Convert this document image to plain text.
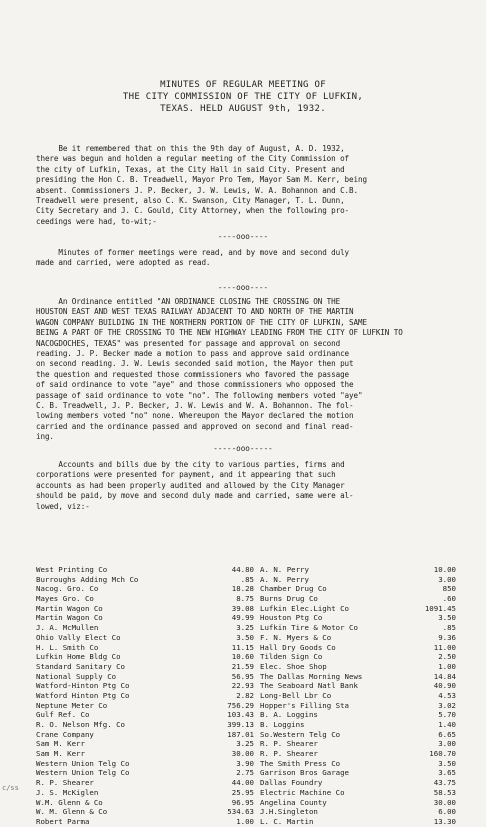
MINUTES OF REGULAR MEETING OF
THE CITY COMMISSION OF THE CITY OF LUFKIN,
TEXAS. HELD AUGUST 9th, 1932.
Be it remembered that on this the 9th day of August, A. D. 1932,
there was begun and holden a regular meeting of the City Commission of
the city of Lufkin, Texas, at the City Hall in said City. Present and
presiding the Hon C. B. Treadwell, Mayor Pro Tem, Mayor Sam M. Kerr, being
absent. Commissioners J. P. Becker, J. W. Lewis, W. A. Bohannon and C.B.
Treadwell were present, also C. K. Swanson, City Manager, T. L. Dunn,
City Secretary and J. C. Gould, City Attorney, when the following pro-
ceedings were had, to-wit;-
----ooo----
Minutes of former meetings were read, and by move and second duly
made and carried, were adopted as read.
----ooo----
An Ordinance entitled "AN ORDINANCE CLOSING THE CROSSING ON THE
HOUSTON EAST AND WEST TEXAS RAILWAY ADJACENT TO AND NORTH OF THE MARTIN
WAGON COMPANY BUILDING IN THE NORTHERN PORTION OF THE CITY OF LUFKIN, SAME
BEING A PART OF THE CROSSING TO THE NEW HIGHWAY LEADING FROM THE CITY OF LUFKIN TO
NACOGDOCHES, TEXAS" was presented for passage and approval on second
reading. J. P. Becker made a motion to pass and approve said ordinance
on second reading. J. W. Lewis seconded said motion, the Mayor then put
the question and requested those commissioners who favored the passage
of said ordinance to vote "aye" and those commissioners who opposed the
passage of said ordinance to vote "no". The following members voted "aye"
C. B. Treadwell, J. P. Becker, J. W. Lewis and W. A. Bohannon. The fol-
lowing members voted "no" none. Whereupon the Mayor declared the motion
carried and the ordinance passed and approved on second and final read-
ing.
-----ooo-----
Accounts and bills due by the city to various parties, firms and
corporations were presented for payment, and it appearing that such
accounts as had been properly audited and allowed by the City Manager
should be paid, by move and second duly made and carried, same were al-
lowed, viz:-
West Printing Co	44.80
Burroughs Adding Mch Co	.85
Nacog. Gro. Co	18.28
Mayes Gro. Co	8.75
Martin Wagon Co	39.08
Martin Wagon Co	49.99
J. A. McMullen	3.25
Ohio Vally Elect Co	3.50
H. L. Smith Co	11.15
Lufkin Home Bldg Co	10.60
Standard Sanitary Co	21.59
National Supply Co	56.95
Watford-Hinton Ptg Co	22.93
Watford Hinton Ptg Co	2.82
Neptune Meter Co	756.29
Gulf Ref. Co	103.43
R. O. Nelson Mfg. Co	399.13
Crane Company	187.01
Sam M. Kerr	3.25
Sam M. Kerr	30.00
Western Union Telg Co	3.90
Western Union Telg Co	2.75
R. P. Shearer	44.00
J. S. McKiglen	25.95
W.M. Glenn & Co	96.95
W. M. Glenn & Co	534.63
Robert Parma	1.00
A. N. Perry	10.00
A. N. Perry	3.00
Chamber Drug Co	850
Burns Drug Co	.60
Lufkin Elec.Light Co	1091.45
Houston Ptg Co	3.50
Lufkin Tire & Motor Co	.85
F. N. Myers & Co	9.36
Hall Dry Goods Co	11.00
Tilden Sign Co	2.50
Elec. Shoe Shop	1.00
The Dallas Morning News	14.84
The Seaboard Natl Bank	40.90
Long-Bell Lbr Co	4.53
Hopper's Filling Sta	3.02
B. A. Loggins	5.70
B. Loggins	1.40
So.Western Telg Co	6.65
R. P. Shearer	3.00
R. P. Shearer	160.70
The Smith Press Co	3.50
Garrison Bros Garage	3.65
Dallas Foundry	43.75
Electric Machine Co	58.53
Angelina County	30.00
J.H.Singleton	6.00
L. C. Martin	13.30
c/ss
